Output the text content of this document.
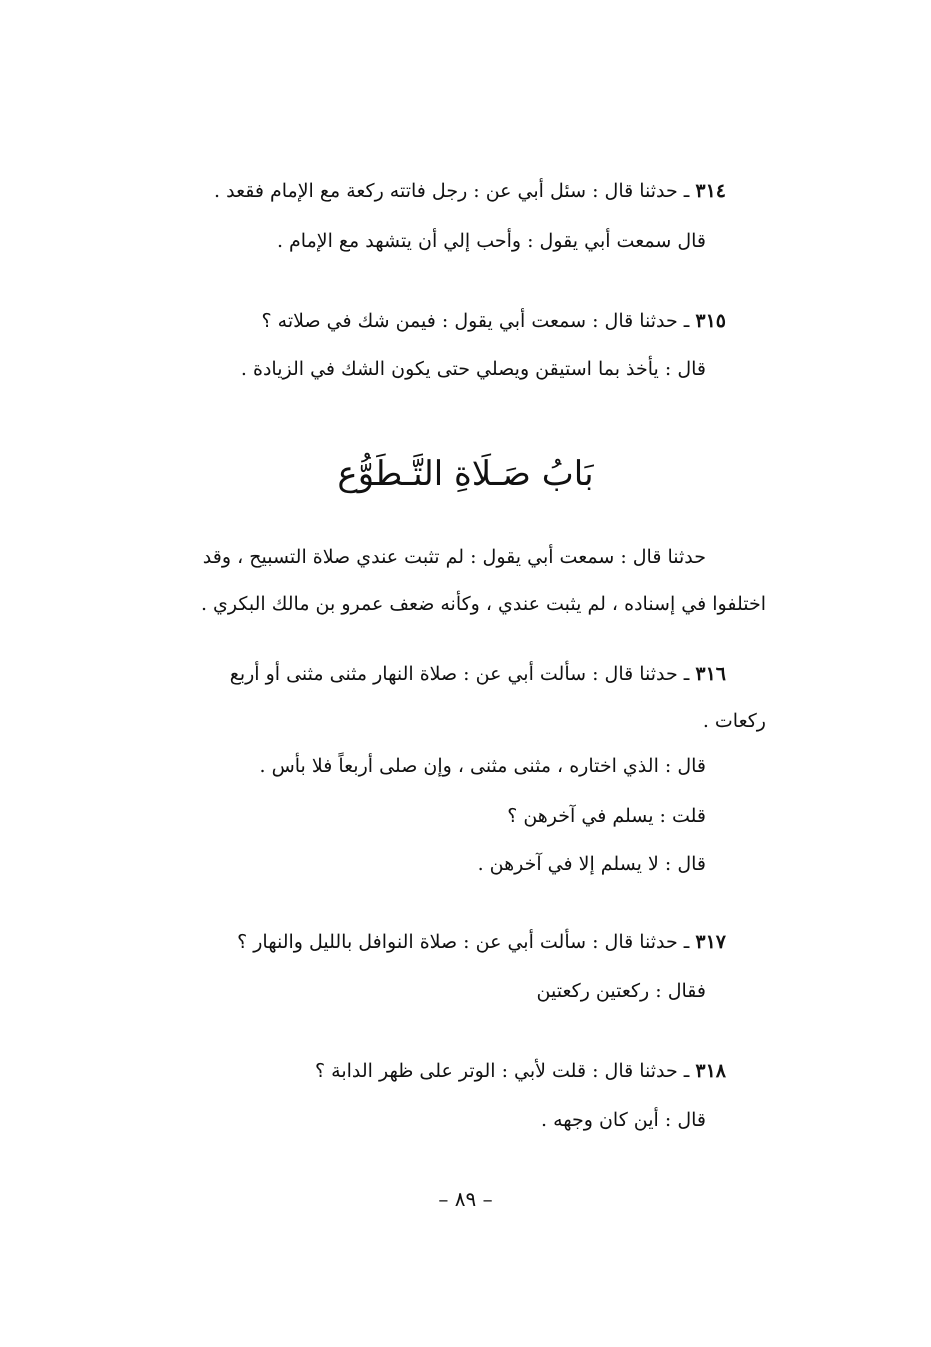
٣١٤ـ حدثنا قال : سئل أبي عن : رجل فاتته ركعة مع الإمام فقعد .
قال سمعت أبي يقول : وأحب إلي أن يتشهد مع الإمام .
٣١٥ـ حدثنا قال : سمعت أبي يقول : فيمن شك في صلاته ؟
قال : يأخذ بما استيقن ويصلي حتى يكون الشك في الزيادة .
بَابُ صَـلَاةِ التَّـطَوُّع
حدثنا قال : سمعت أبي يقول : لم تثبت عندي صلاة التسبيح ، وقد
اختلفوا في إسناده ، لم يثبت عندي ، وكأنه ضعف عمرو بن مالك البكري .
٣١٦ـ حدثنا قال : سألت أبي عن : صلاة النهار مثنى مثنى أو أربع
ركعات .
قال : الذي اختاره ، مثنى مثنى ، وإن صلى أربعاً فلا بأس .
قلت : يسلم في آخرهن ؟
قال : لا يسلم إلا في آخرهن .
٣١٧ـ حدثنا قال : سألت أبي عن : صلاة النوافل بالليل والنهار ؟
فقال : ركعتين ركعتين
٣١٨ـ حدثنا قال : قلت لأبي : الوتر على ظهر الدابة ؟
قال : أين كان وجهه .
– ٨٩ –
